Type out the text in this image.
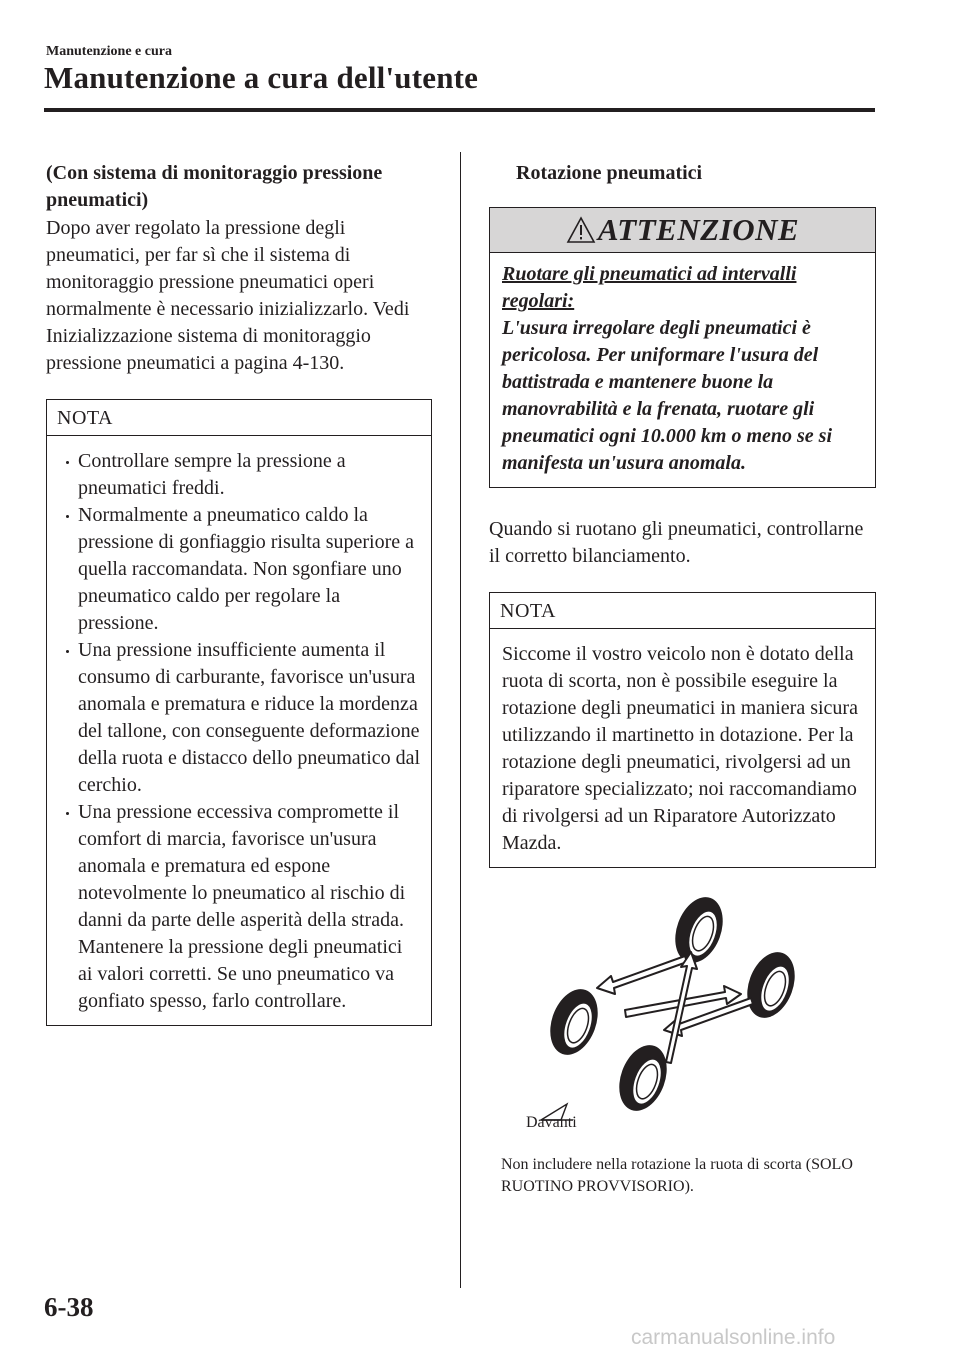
Manutenzione e cura
Manutenzione a cura dell'utente
(Con sistema di monitoraggio pressione pneumatici)
Dopo aver regolato la pressione degli pneumatici, per far sì che il sistema di monitoraggio pressione pneumatici operi normalmente è necessario inizializzarlo. Vedi Inizializzazione sistema di monitoraggio pressione pneumatici a pagina 4-130.
NOTA
Controllare sempre la pressione a pneumatici freddi.
Normalmente a pneumatico caldo la pressione di gonfiaggio risulta superiore a quella raccomandata. Non sgonfiare uno pneumatico caldo per regolare la pressione.
Una pressione insufficiente aumenta il consumo di carburante, favorisce un'usura anomala e prematura e riduce la mordenza del tallone, con conseguente deformazione della ruota e distacco dello pneumatico dal cerchio.
Una pressione eccessiva compromette il comfort di marcia, favorisce un'usura anomala e prematura ed espone notevolmente lo pneumatico al rischio di danni da parte delle asperità della strada. Mantenere la pressione degli pneumatici ai valori corretti. Se uno pneumatico va gonfiato spesso, farlo controllare.
Rotazione pneumatici
ATTENZIONE
Ruotare gli pneumatici ad intervalli regolari:
L'usura irregolare degli pneumatici è pericolosa. Per uniformare l'usura del battistrada e mantenere buone la manovrabilità e la frenata, ruotare gli pneumatici ogni 10.000 km o meno se si manifesta un'usura anomala.
Quando si ruotano gli pneumatici, controllarne il corretto bilanciamento.
NOTA
Siccome il vostro veicolo non è dotato della ruota di scorta, non è possibile eseguire la rotazione degli pneumatici in maniera sicura utilizzando il martinetto in dotazione. Per la rotazione degli pneumatici, rivolgersi ad un riparatore specializzato; noi raccomandiamo di rivolgersi ad un Riparatore Autorizzato Mazda.
Davanti
Non includere nella rotazione la ruota di scorta (SOLO RUOTINO PROVVISORIO).
6-38
carmanualsonline.info
